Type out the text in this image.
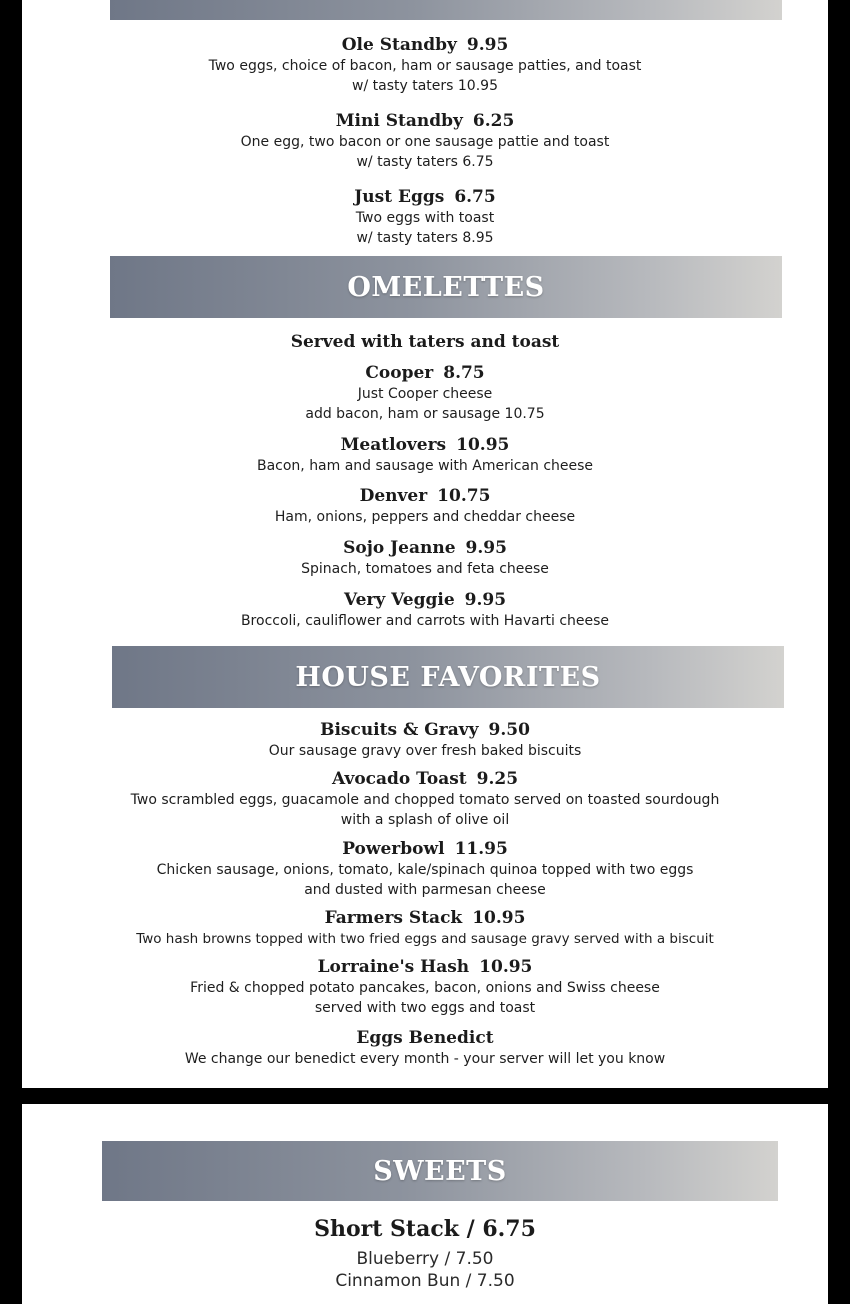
Ole Standby 9.95
Two eggs, choice of bacon, ham or sausage patties, and toast
w/ tasty taters 10.95
Mini Standby 6.25
One egg, two bacon or one sausage pattie and toast
w/ tasty taters 6.75
Just Eggs 6.75
Two eggs with toast
w/ tasty taters 8.95
OMELETTES
Served with taters and toast
Cooper 8.75
Just Cooper cheese
add bacon, ham or sausage 10.75
Meatlovers 10.95
Bacon, ham and sausage with American cheese
Denver 10.75
Ham, onions, peppers and cheddar cheese
Sojo Jeanne 9.95
Spinach, tomatoes and feta cheese
Very Veggie 9.95
Broccoli, cauliflower and carrots with Havarti cheese
HOUSE FAVORITES
Biscuits & Gravy 9.50
Our sausage gravy over fresh baked biscuits
Avocado Toast 9.25
Two scrambled eggs, guacamole and chopped tomato served on toasted sourdough
with a splash of olive oil
Powerbowl 11.95
Chicken sausage, onions, tomato, kale/spinach quinoa topped with two eggs
and dusted with parmesan cheese
Farmers Stack 10.95
Two hash browns topped with two fried eggs and sausage gravy served with a biscuit
Lorraine's Hash 10.95
Fried & chopped potato pancakes, bacon, onions and Swiss cheese
served with two eggs and toast
Eggs Benedict
We change our benedict every month - your server will let you know
SWEETS
Short Stack / 6.75
Blueberry / 7.50
Cinnamon Bun / 7.50
